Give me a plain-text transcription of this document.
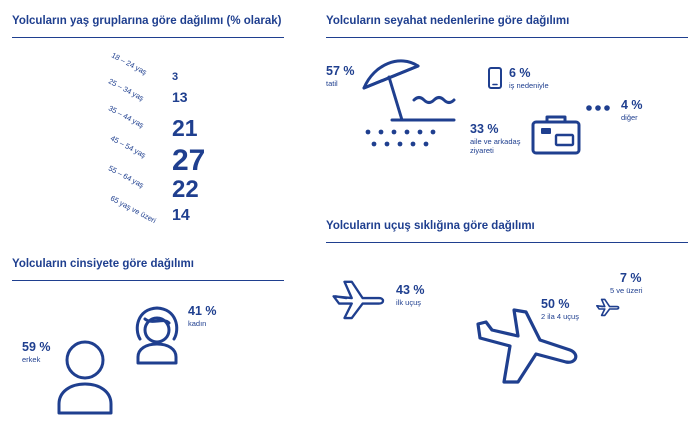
Yolcuların yaş gruplarına göre dağılımı (% olarak)
18 – 24 yaş
3
25 – 34 yaş 13
35 – 44 yaş 21
45 – 54 yaş 27
55 – 64 yaş 22
65 yaş ve üzeri 14
Yolcuların seyahat nedenlerine göre dağılımı
57 %
tatil
6 %
iş nedeniyle
33 %
aile ve arkadaş ziyareti
4 %
diğer
Yolcuların cinsiyete göre dağılımı
59 %
erkek
41 %
kadın
Yolcuların uçuş sıklığına göre dağılımı
43 %
ilk uçuş	50 %
2 ila 4 uçuş
7 %
5 ve üzeri
